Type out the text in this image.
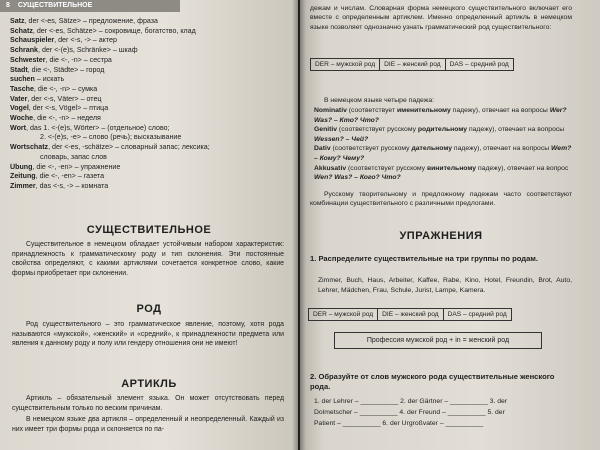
8 СУЩЕСТВИТЕЛЬНОЕ
Satz, der <-es, Sätze> – предложение, фраза
Schatz, der <-es, Schätze> – сокровище, богатство, клад
Schauspieler, der <-s, -> – актер
Schrank, der <-(e)s, Schränke> – шкаф
Schwester, die <-, -n> – сестра
Stadt, die <-, Städte> – город
suchen – искать
Tasche, die <-, -n> – сумка
Vater, der <-s, Väter> – отец
Vogel, der <-s, Vögel> – птица
Woche, die <-, -n> – неделя
Wort, das 1. <-(e)s, Wörter> – (отдельное) слово;
2. <-(e)s, -e> – слово (речь); высказывание
Wortschatz, der <-es, -schätze> – словарный запас; лексика;
словарь, запас слов
Übung, die <-, -en> – упражнение
Zeitung, die <-, -en> – газета
Zimmer, das <-s, -> – комната
СУЩЕСТВИТЕЛЬНОЕ
Существительное в немецком обладает устойчивым набором характеристик: принадлежность к грамматическому роду и тип склонения. Эти постоянные свойства определяют, с какими артиклями сочетается конкретное слово, какие формы приобретает при склонении.
РОД
Род существительного – это грамматическое явление, поэтому, хотя рода называются «мужской», «женский» и «средний», к принадлежности предмета или явления к данному роду и полу или гендеру отношения они не имеют!
АРТИКЛЬ
Артикль – обязательный элемент языка. Он может отсутствовать перед существительным только по веским причинам.
В немецком языке два артикля – определенный и неопределенный. Каждый из них имеет три формы рода и склоняется по па-
дежам и числам. Словарная форма немецкого существительного включает его вместе с определенным артиклем. Именно определенный артикль в немецком языке позволяет однозначно узнать грамматический род существительного:
DER – мужской род	DIE – женский род	DAS – средний род
В немецком языке четыре падежа:
Nominativ (соответствует именительному падежу), отвечает на вопросы Wer? Was? – Кто? Что?
Genitiv (соответствует русскому родительному падежу), отвечает на вопросы Wessen? – Чей?
Dativ (соответствует русскому дательному падежу), отвечает на вопросы Wem? – Кому? Чему?
Akkusativ (соответствует русскому винительному падежу), отвечает на вопрос Wen? Was? – Кого? Что?
Русскому творительному и предложному падежам часто соответствуют комбинации существительного с различными предлогами.
УПРАЖНЕНИЯ
1. Распределите существительные на три группы по родам.
Zimmer, Buch, Haus, Arbeiter, Kaffee, Rabe, Kino, Hotel, Freundin, Brot, Auto, Lehrer, Mädchen, Frau, Schule, Jurist, Lampe, Kamera.
DER – мужской род	DIE – женский род	DAS – средний род
Профессия мужской род + in = женский род
2. Образуйте от слов мужского рода существительные женского рода.
1. der Lehrer – __________ 2. der Gärtner – __________ 3. der
Dolmetscher – __________ 4. der Freund – __________ 5. der
Patient – __________ 6. der Urgroßvater – __________
